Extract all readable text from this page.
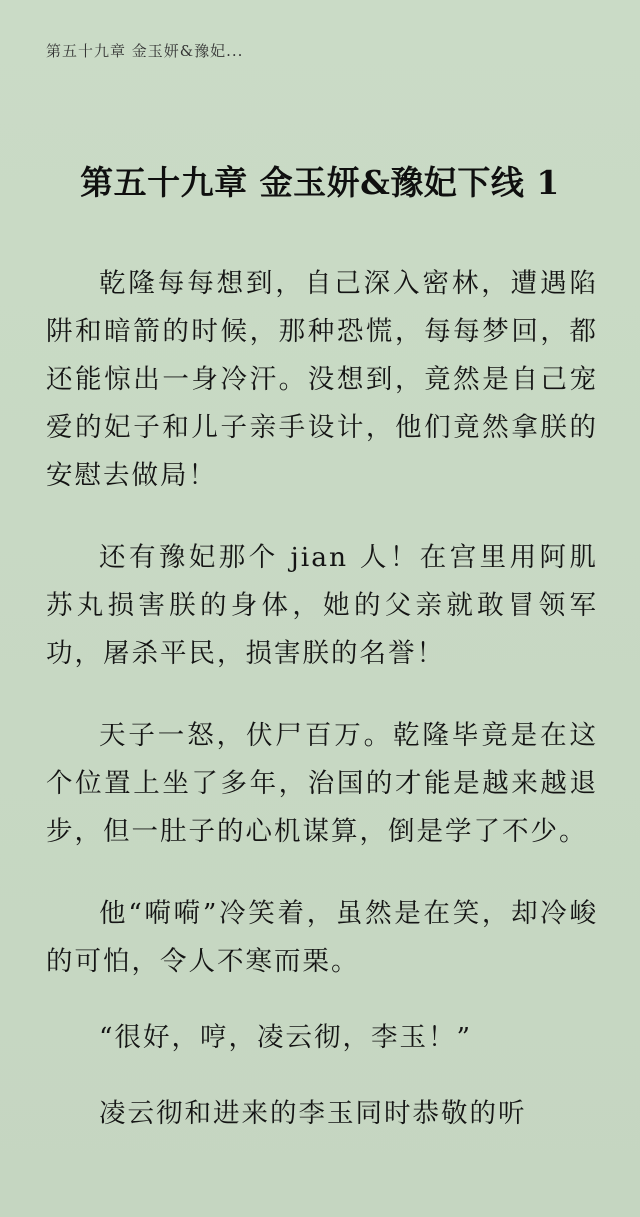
第五十九章 金玉妍&豫妃...
第五十九章 金玉妍&豫妃下线 1

乾隆每每想到，自己深入密林，遭遇陷阱和暗箭的时候，那种恐慌，每每梦回，都还能惊出一身冷汗。没想到，竟然是自己宠爱的妃子和儿子亲手设计，他们竟然拿朕的安慰去做局！

还有豫妃那个 jian 人！在宫里用阿肌苏丸损害朕的身体，她的父亲就敢冒领军功，屠杀平民，损害朕的名誉！

天子一怒，伏尸百万。乾隆毕竟是在这个位置上坐了多年，治国的才能是越来越退步，但一肚子的心机谋算，倒是学了不少。

他“嗬嗬”冷笑着，虽然是在笑，却冷峻的可怕，令人不寒而栗。

“很好，哼，凌云彻，李玉！”

凌云彻和进来的李玉同时恭敬的听
